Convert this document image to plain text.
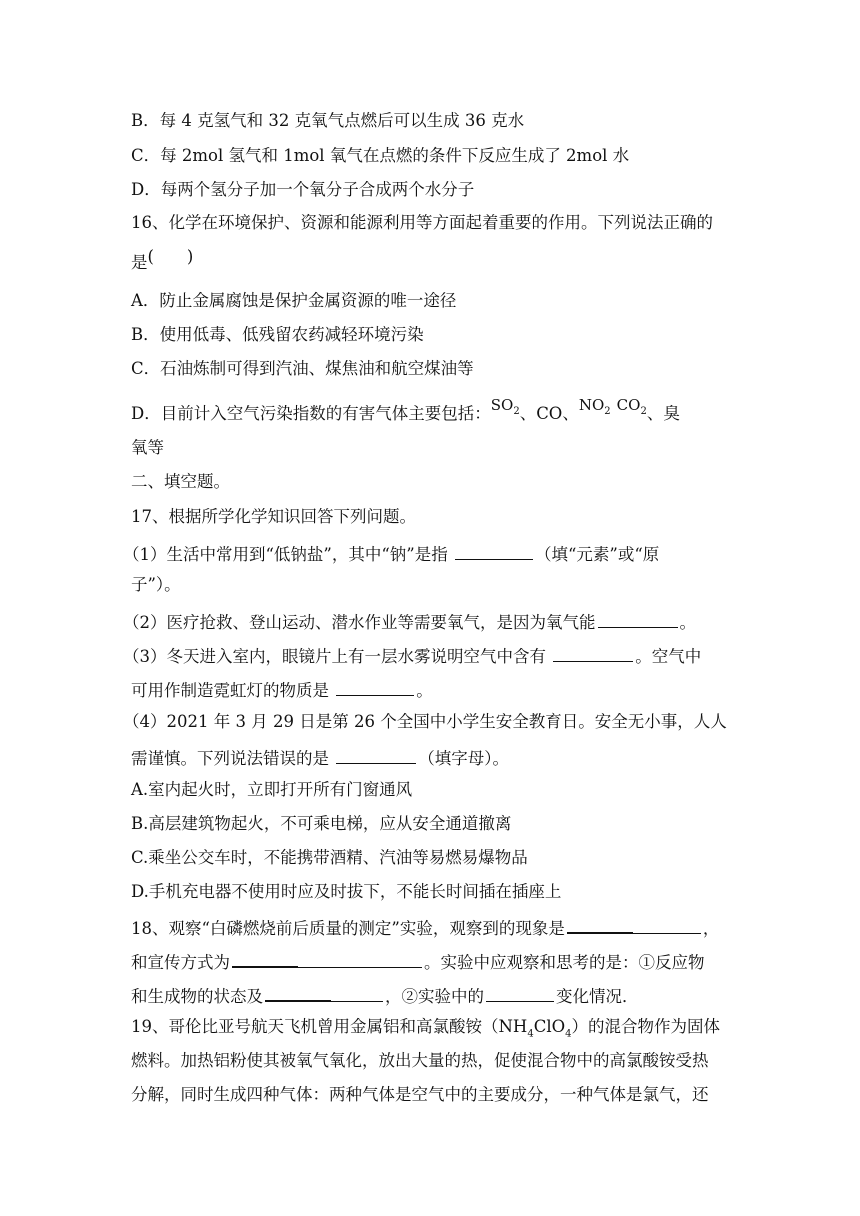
B．每 4 克氢气和 32 克氧气点燃后可以生成 36 克水
C．每 2mol 氢气和 1mol 氧气在点燃的条件下反应生成了 2mol 水
D．每两个氢分子加一个氧分子合成两个水分子
16、化学在环境保护、资源和能源利用等方面起着重要的作用。下列说法正确的
是(　　)
A．防止金属腐蚀是保护金属资源的唯一途径
B．使用低毒、低残留农药减轻环境污染
C．石油炼制可得到汽油、煤焦油和航空煤油等
D．目前计入空气污染指数的有害气体主要包括：$SO_2$、CO、$NO_2$ $CO_2$、臭
氧等
二、填空题。
17、根据所学化学知识回答下列问题。
（1）生活中常用到“低钠盐”，其中“钠”是指	（填“元素”或“原
子”）。
（2）医疗抢救、登山运动、潜水作业等需要氧气，是因为氧气能	。
（3）冬天进入室内，眼镜片上有一层水雾说明空气中含有	。空气中
可用作制造霓虹灯的物质是	。
（4）2021 年 3 月 29 日是第 26 个全国中小学生安全教育日。安全无小事，人人
需谨慎。下列说法错误的是	（填字母）。
A.室内起火时，立即打开所有门窗通风
B.高层建筑物起火，不可乘电梯，应从安全通道撤离
C.乘坐公交车时，不能携带酒精、汽油等易燃易爆物品
D.手机充电器不使用时应及时拔下，不能长时间插在插座上
18、观察“白磷燃烧前后质量的测定”实验，观察到的现象是	，
和宣传方式为	。实验中应观察和思考的是：①反应物
和生成物的状态及	，②实验中的	变化情况．
19、哥伦比亚号航天飞机曾用金属铝和高氯酸铵$(NH_4ClO_4)$的混合物作为固体
燃料。加热铝粉使其被氧气氧化，放出大量的热，促使混合物中的高氯酸铵受热
分解，同时生成四种气体：两种气体是空气中的主要成分，一种气体是氯气，还
